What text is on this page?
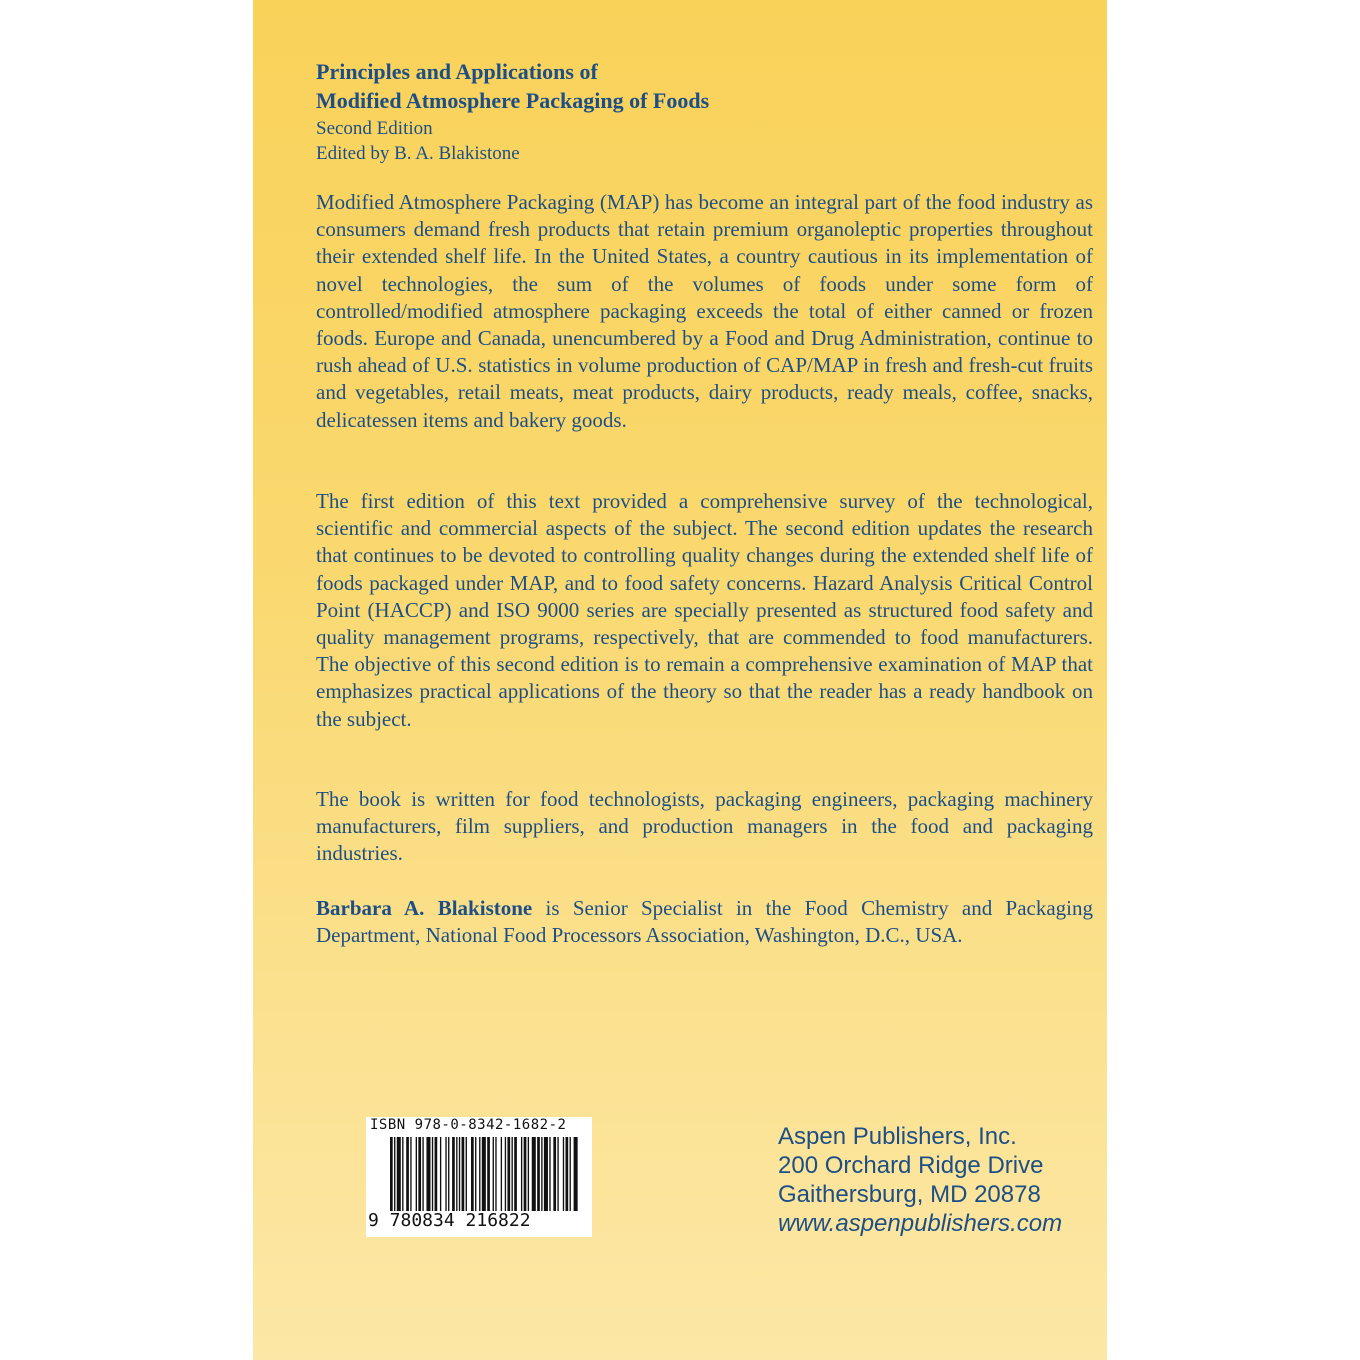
Principles and Applications of
Modified Atmosphere Packaging of Foods
Second Edition
Edited by B. A. Blakistone

Modified Atmosphere Packaging (MAP) has become an integral part of the food industry as consumers demand fresh products that retain premium organoleptic properties throughout their extended shelf life. In the United States, a country cautious in its implementation of novel technologies, the sum of the volumes of foods under some form of controlled/modified atmosphere packaging exceeds the total of either canned or frozen foods. Europe and Canada, unencumbered by a Food and Drug Administration, continue to rush ahead of U.S. statistics in volume production of CAP/MAP in fresh and fresh-cut fruits and vegetables, retail meats, meat products, dairy products, ready meals, coffee, snacks, delicatessen items and bakery goods.

The first edition of this text provided a comprehensive survey of the technological, scientific and commercial aspects of the subject. The second edition updates the research that continues to be devoted to controlling quality changes during the extended shelf life of foods packaged under MAP, and to food safety concerns. Hazard Analysis Critical Control Point (HACCP) and ISO 9000 series are specially presented as structured food safety and quality management programs, respectively, that are commended to food manufacturers. The objective of this second edition is to remain a comprehensive examination of MAP that emphasizes practical applications of the theory so that the reader has a ready handbook on the subject.

The book is written for food technologists, packaging engineers, packaging machinery manufacturers, film suppliers, and production managers in the food and packaging industries.

Barbara A. Blakistone is Senior Specialist in the Food Chemistry and Packaging Department, National Food Processors Association, Washington, D.C., USA.

ISBN 978-0-8342-1682-2
9 780834 216822
Aspen Publishers, Inc.
200 Orchard Ridge Drive
Gaithersburg, MD 20878
www.aspenpublishers.com
